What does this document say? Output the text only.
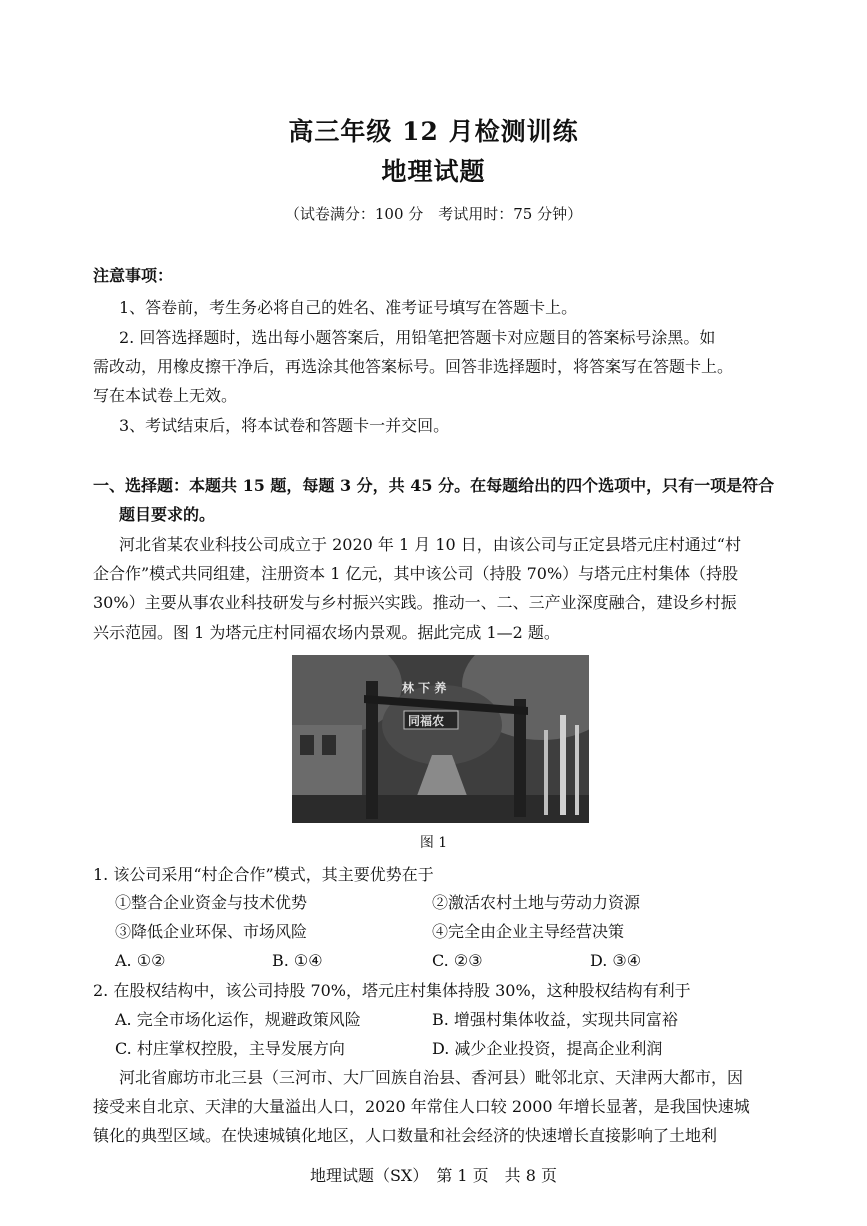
高三年级 12 月检测训练
地理试题
（试卷满分：100 分　考试用时：75 分钟）
注意事项：
1、答卷前，考生务必将自己的姓名、准考证号填写在答题卡上。
2. 回答选择题时，选出每小题答案后，用铅笔把答题卡对应题目的答案标号涂黑。如
需改动，用橡皮擦干净后，再选涂其他答案标号。回答非选择题时，将答案写在答题卡上。
写在本试卷上无效。
3、考试结束后，将本试卷和答题卡一并交回。
一、选择题：本题共 15 题，每题 3 分，共 45 分。在每题给出的四个选项中，只有一项是符合
题目要求的。
河北省某农业科技公司成立于 2020 年 1 月 10 日，由该公司与正定县塔元庄村通过“村
企合作”模式共同组建，注册资本 1 亿元，其中该公司（持股 70%）与塔元庄村集体（持股
30%）主要从事农业科技研发与乡村振兴实践。推动一、二、三产业深度融合，建设乡村振
兴示范园。图 1 为塔元庄村同福农场内景观。据此完成 1—2 题。
林 下 养
同福农
图 1
1. 该公司采用“村企合作”模式，其主要优势在于
①整合企业资金与技术优势	②激活农村土地与劳动力资源
③降低企业环保、市场风险	④完全由企业主导经营决策
A. ①②	B. ①④	C. ②③	D. ③④
2. 在股权结构中，该公司持股 70%，塔元庄村集体持股 30%，这种股权结构有利于
A. 完全市场化运作，规避政策风险	B. 增强村集体收益，实现共同富裕
C. 村庄掌权控股，主导发展方向	D. 减少企业投资，提高企业利润
河北省廊坊市北三县（三河市、大厂回族自治县、香河县）毗邻北京、天津两大都市，因
接受来自北京、天津的大量溢出人口，2020 年常住人口较 2000 年增长显著，是我国快速城
镇化的典型区域。在快速城镇化地区，人口数量和社会经济的快速增长直接影响了土地利
地理试题（SX）　第 1 页　共 8 页
